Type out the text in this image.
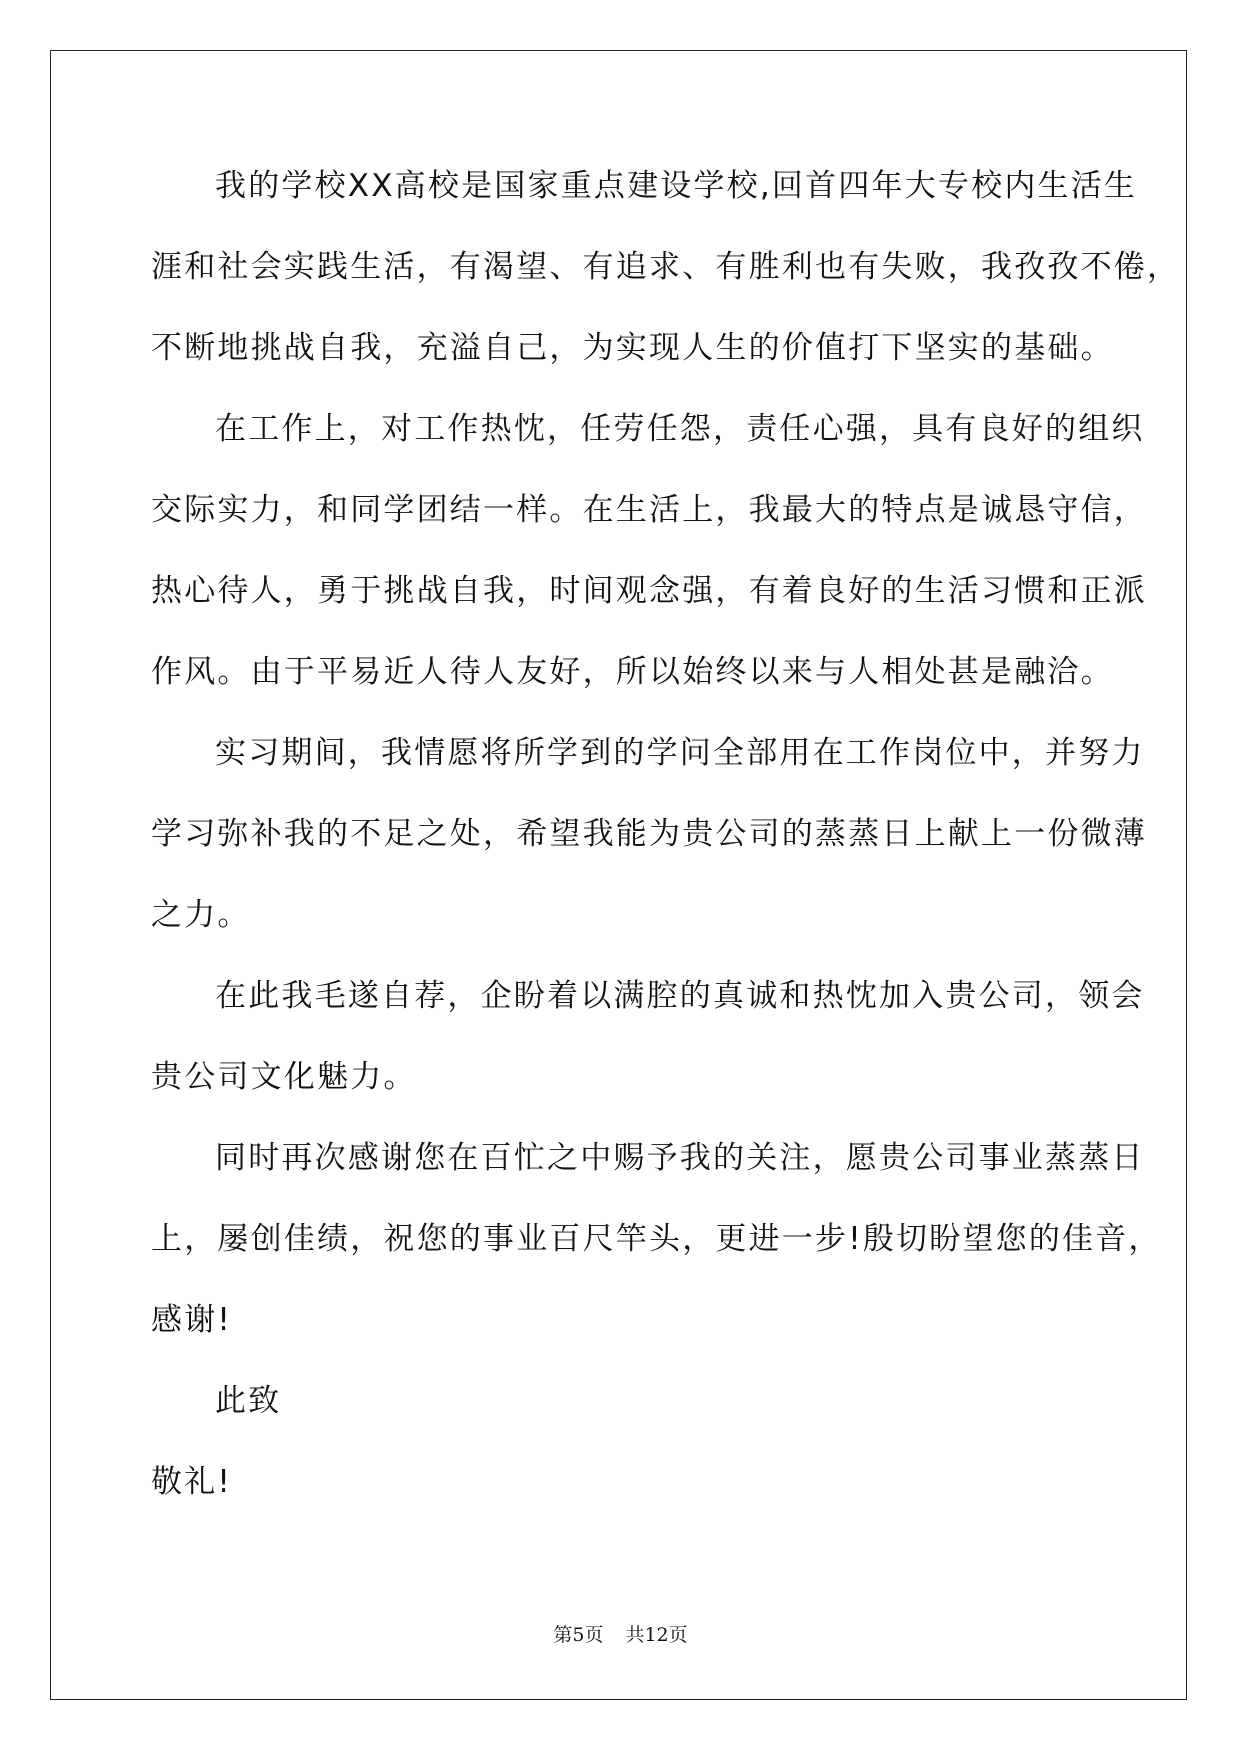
我的学校XX高校是国家重点建设学校,回首四年大专校内生活生
涯和社会实践生活，有渴望、有追求、有胜利也有失败，我孜孜不倦，
不断地挑战自我，充溢自己，为实现人生的价值打下坚实的基础。
在工作上，对工作热忱，任劳任怨，责任心强，具有良好的组织
交际实力，和同学团结一样。在生活上，我最大的特点是诚恳守信，
热心待人，勇于挑战自我，时间观念强，有着良好的生活习惯和正派
作风。由于平易近人待人友好，所以始终以来与人相处甚是融洽。
实习期间，我情愿将所学到的学问全部用在工作岗位中，并努力
学习弥补我的不足之处，希望我能为贵公司的蒸蒸日上献上一份微薄
之力。
在此我毛遂自荐，企盼着以满腔的真诚和热忱加入贵公司，领会
贵公司文化魅力。
同时再次感谢您在百忙之中赐予我的关注，愿贵公司事业蒸蒸日
上，屡创佳绩，祝您的事业百尺竿头，更进一步!殷切盼望您的佳音，
感谢!
此致
敬礼!
第5页 共12页
